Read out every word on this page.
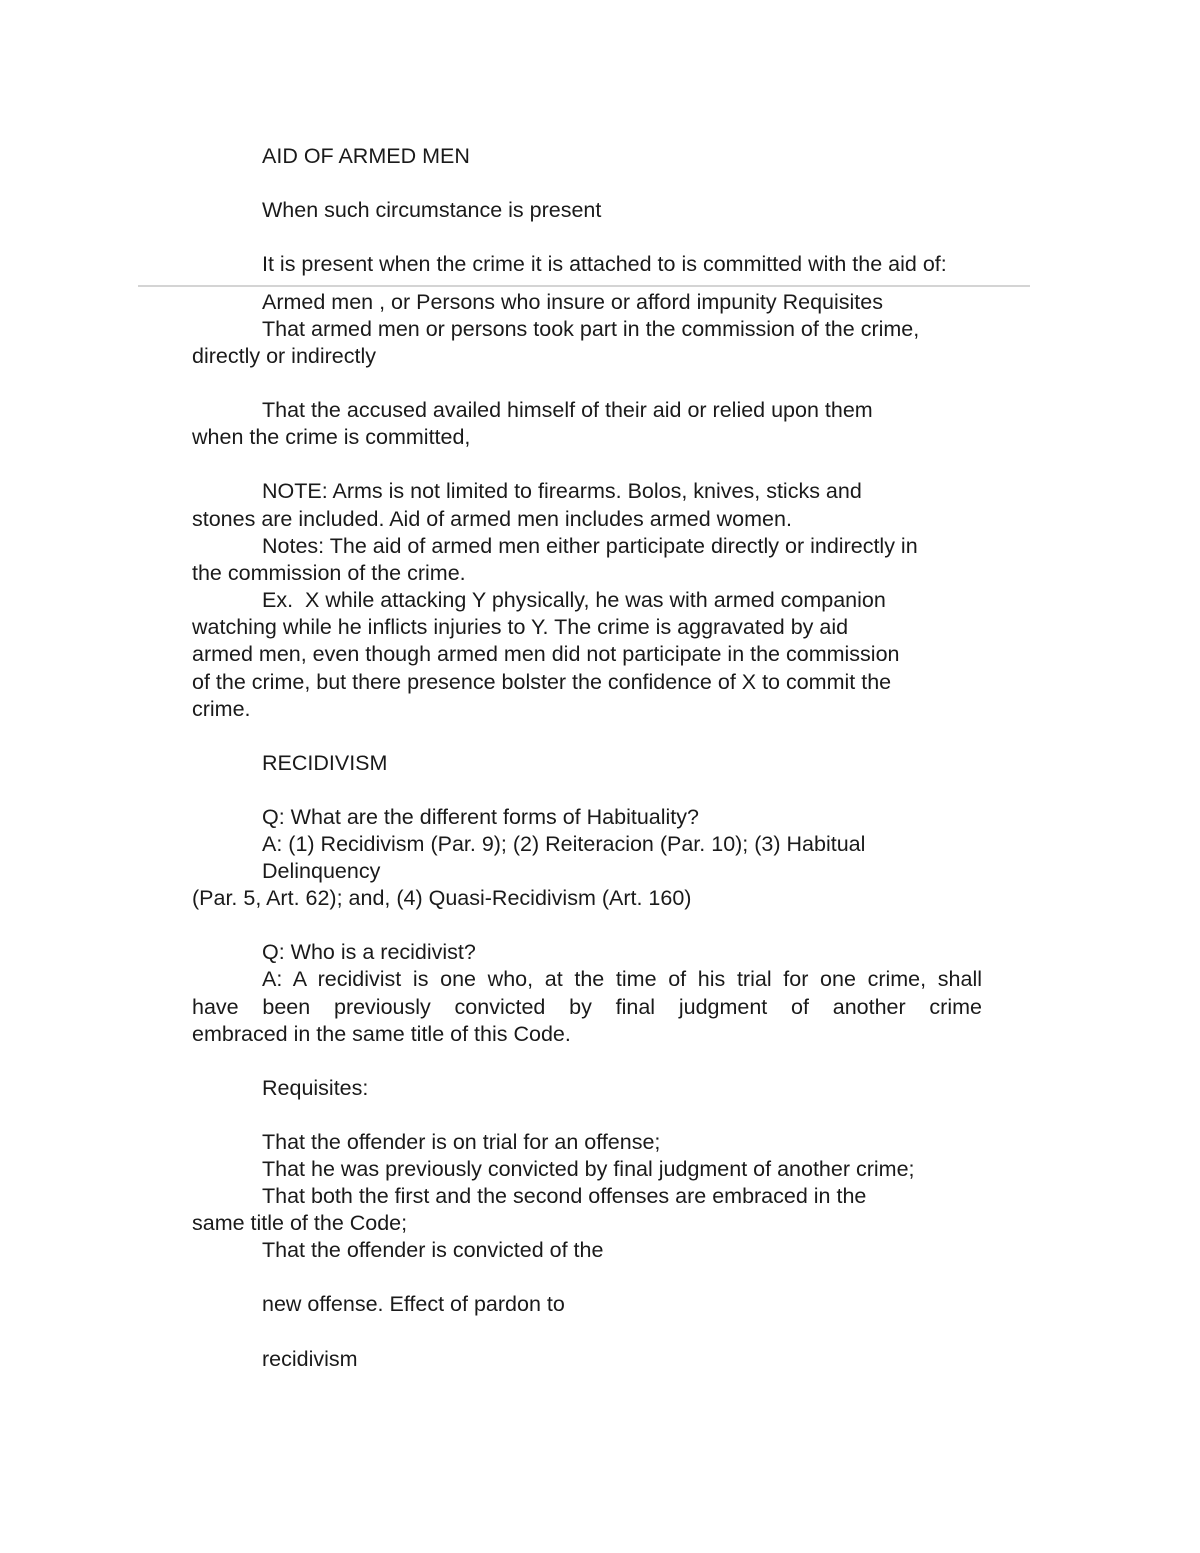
AID OF ARMED MEN
When such circumstance is present
It is present when the crime it is attached to is committed with the aid of:
Armed men , or Persons who insure or afford impunity Requisites
That armed men or persons took part in the commission of the crime,
directly or indirectly
That the accused availed himself of their aid or relied upon them
when the crime is committed,
NOTE: Arms is not limited to firearms. Bolos, knives, sticks and
stones are included. Aid of armed men includes armed women.
Notes: The aid of armed men either participate directly or indirectly in
the commission of the crime.
Ex.  X while attacking Y physically, he was with armed companion
watching while he inflicts injuries to Y. The crime is aggravated by aid
armed men, even though armed men did not participate in the commission
of the crime, but there presence bolster the confidence of X to commit the
crime.
RECIDIVISM
Q: What are the different forms of Habituality?
A: (1) Recidivism (Par. 9); (2) Reiteracion (Par. 10); (3) Habitual
Delinquency
(Par. 5, Art. 62); and, (4) Quasi-Recidivism (Art. 160)
Q: Who is a recidivist?
A: A recidivist is one who, at the time of his trial for one crime, shall
have been previously convicted by final judgment of another crime
embraced in the same title of this Code.
Requisites:
That the offender is on trial for an offense;
That he was previously convicted by final judgment of another crime;
That both the first and the second offenses are embraced in the
same title of the Code;
That the offender is convicted of the
new offense. Effect of pardon to
recidivism
